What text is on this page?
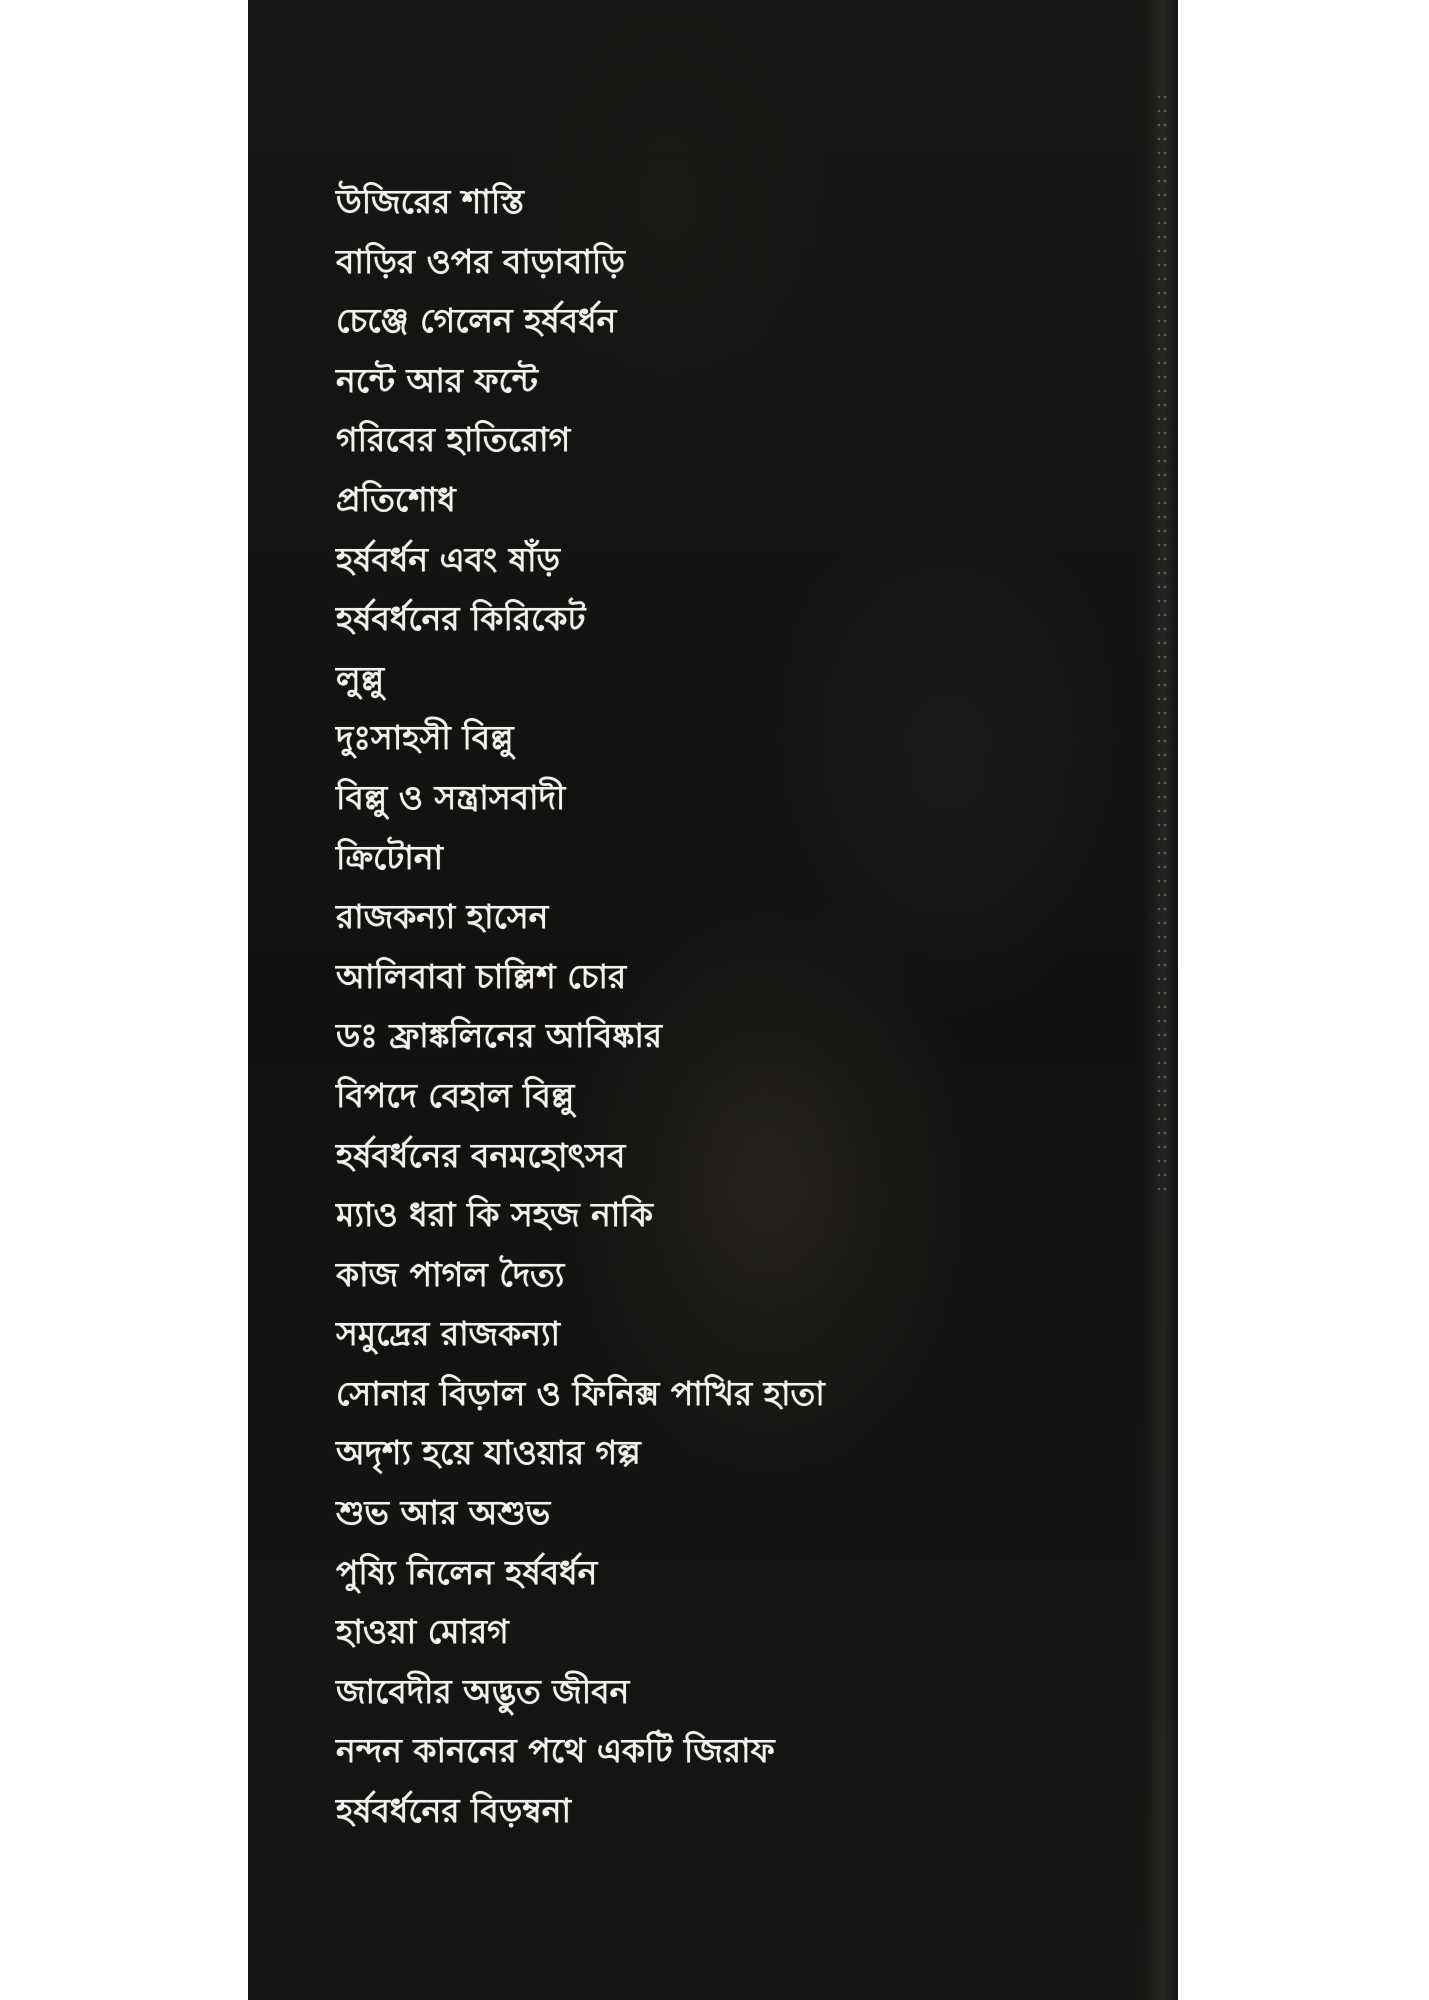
উজিরের শাস্তি
বাড়ির ওপর বাড়াবাড়ি
চেঞ্জে গেলেন হর্ষবর্ধন
নন্টে আর ফন্টে
গরিবের হাতিরোগ
প্রতিশোধ
হর্ষবর্ধন এবং ষাঁড়
হর্ষবর্ধনের কিরিকেট
লুল্লু
দুঃসাহসী বিল্লু
বিল্লু ও সন্ত্রাসবাদী
ক্রিটোনা
রাজকন্যা হাসেন
আলিবাবা চাল্লিশ চোর
ডঃ ফ্রাঙ্কলিনের আবিষ্কার
বিপদে বেহাল বিল্লু
হর্ষবর্ধনের বনমহোৎসব
ম্যাও ধরা কি সহজ নাকি
কাজ পাগল দৈত্য
সমুদ্রের রাজকন্যা
সোনার বিড়াল ও ফিনিক্স পাখির হাতা
অদৃশ্য হয়ে যাওয়ার গল্প
শুভ আর অশুভ
পুষ্যি নিলেন হর্ষবর্ধন
হাওয়া মোরগ
জাবেদীর অদ্ভুত জীবন
নন্দন কাননের পথে একটি জিরাফ
হর্ষবর্ধনের বিড়ম্বনা
